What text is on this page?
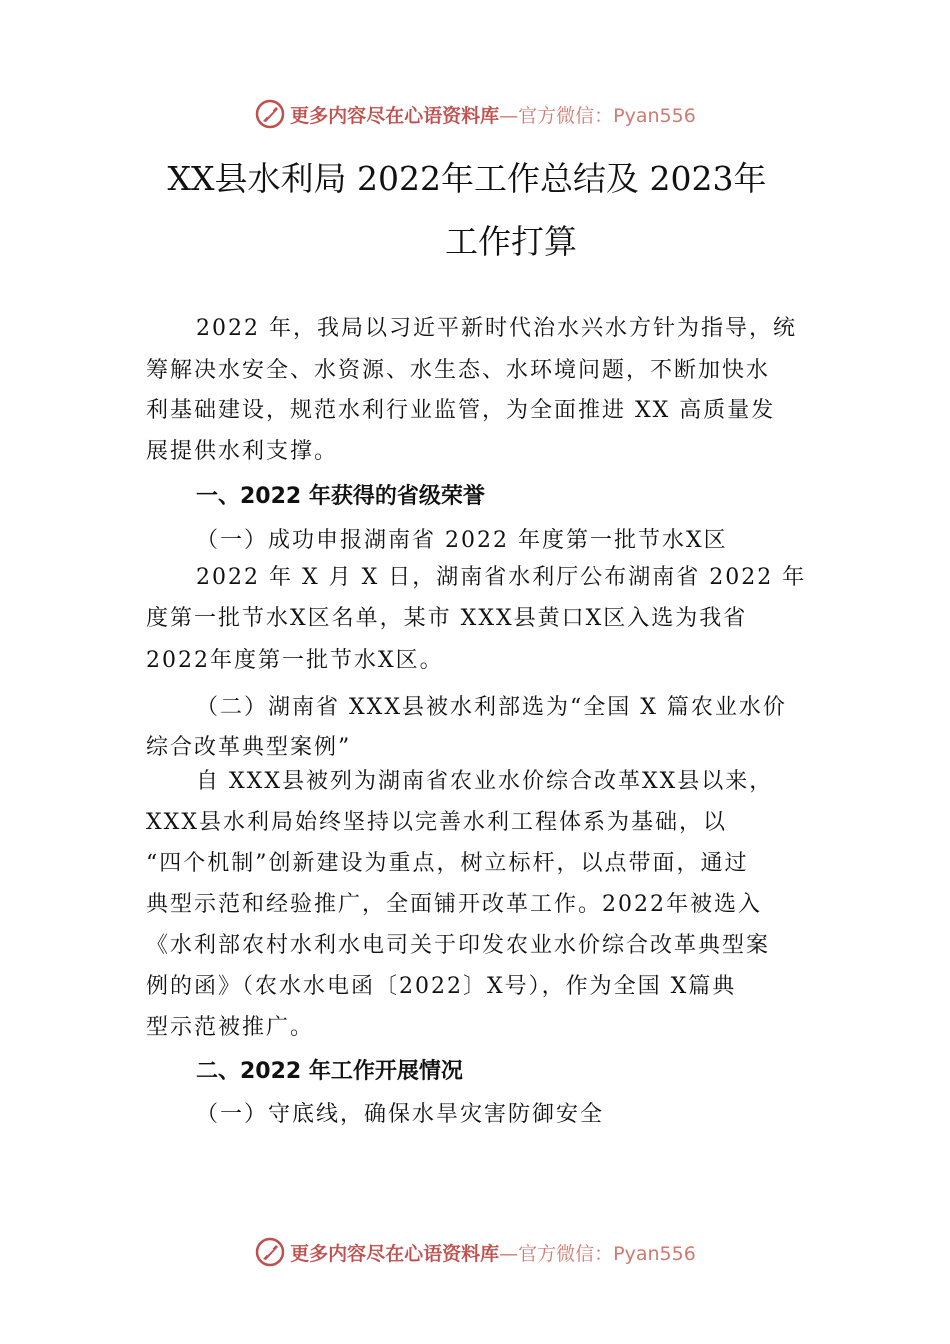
更多内容尽在心语资料库—官方微信：Pyan556
XX县水利局 2022年工作总结及 2023年
工作打算
2022 年，我局以习近平新时代治水兴水方针为指导，统
筹解决水安全、水资源、水生态、水环境问题，不断加快水
利基础建设，规范水利行业监管，为全面推进 XX 高质量发
展提供水利支撑。
一、2022 年获得的省级荣誉
（一）成功申报湖南省 2022 年度第一批节水X区
2022 年 X 月 X 日，湖南省水利厅公布湖南省 2022 年
度第一批节水X区名单，某市 XXX县黄口X区入选为我省
2022年度第一批节水X区。
（二）湖南省 XXX县被水利部选为“全国 X 篇农业水价
综合改革典型案例”
自 XXX县被列为湖南省农业水价综合改革XX县以来，
XXX县水利局始终坚持以完善水利工程体系为基础，以
“四个机制”创新建设为重点，树立标杆，以点带面，通过
典型示范和经验推广，全面铺开改革工作。2022年被选入
《水利部农村水利水电司关于印发农业水价综合改革典型案
例的函》（农水水电函〔2022〕X号），作为全国 X篇典
型示范被推广。
二、2022 年工作开展情况
（一）守底线，确保水旱灾害防御安全
更多内容尽在心语资料库—官方微信：Pyan556
